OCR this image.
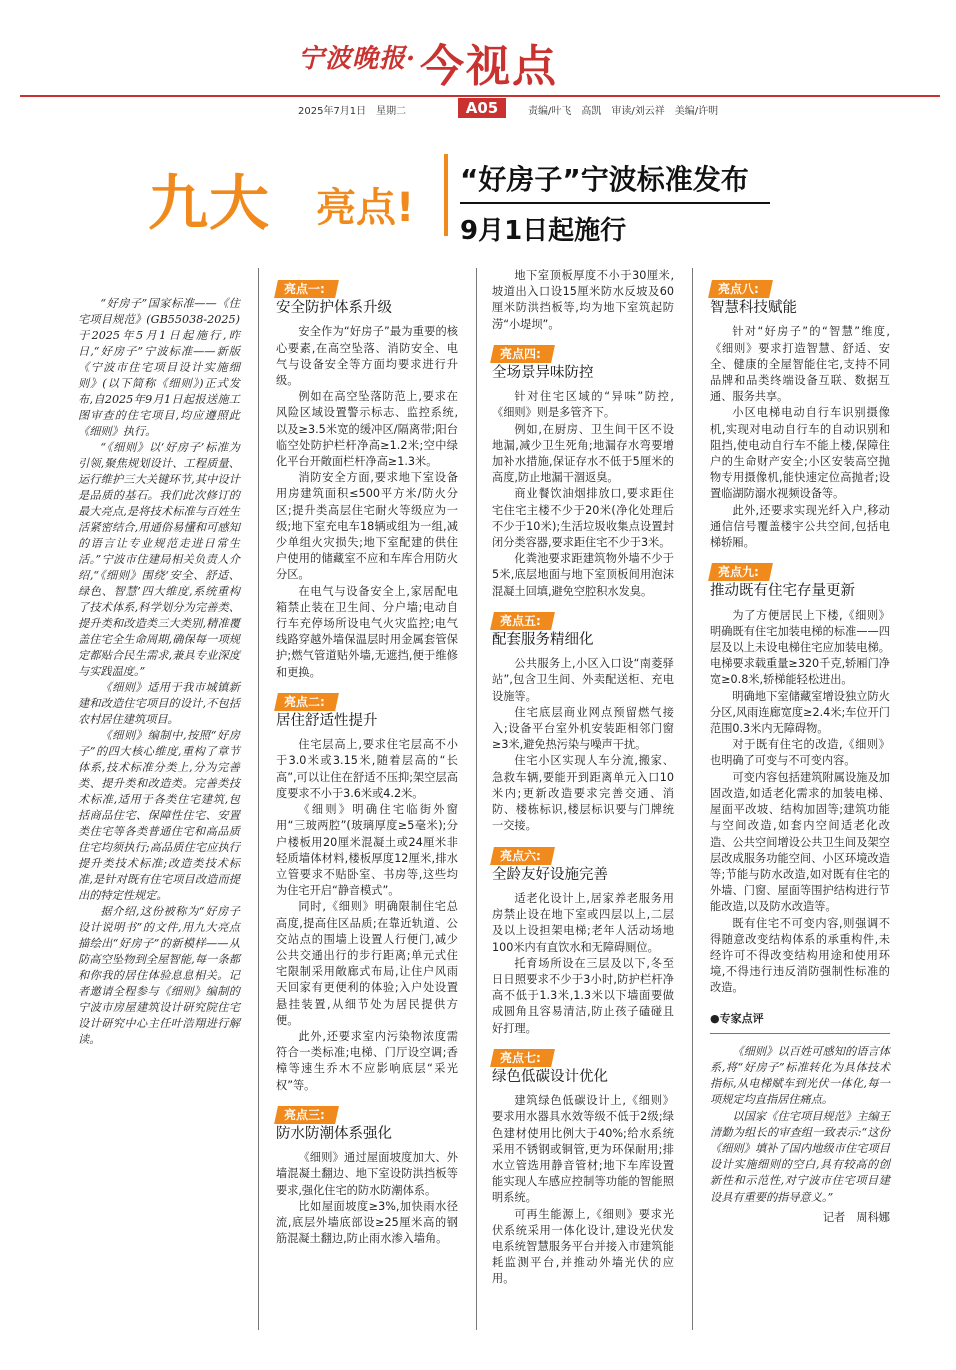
宁波晚报· 今视点
2025年7月1日　星期二	A05	责编/叶飞　高凯　审读/刘云祥　美编/许明
九大 亮点!
“好房子”宁波标准发布
9月1日起施行

“好房子”国家标准——《住宅项目规范》(GB55038-2025)于2025年5月1日起施行,昨日,“好房子”宁波标准——新版《宁波市住宅项目设计实施细则》(以下简称《细则》)正式发布,自2025年9月1日起报送施工图审查的住宅项目,均应遵照此《细则》执行。

“《细则》以‘好房子’标准为引领,聚焦规划设计、工程质量、运行维护三大关键环节,其中设计是品质的基石。我们此次修订的最大亮点,是将技术标准与百姓生活紧密结合,用通俗易懂和可感知的语言让专业规范走进日常生活。”宁波市住建局相关负责人介绍,“《细则》围绕‘安全、舒适、绿色、智慧’四大维度,系统重构了技术体系,科学划分为完善类、提升类和改造类三大类别,精准覆盖住宅全生命周期,确保每一项规定都贴合民生需求,兼具专业深度与实践温度。”

《细则》适用于我市城镇新建和改造住宅项目的设计,不包括农村居住建筑项目。

《细则》编制中,按照“好房子”的四大核心维度,重构了章节体系,技术标准分类上,分为完善类、提升类和改造类。完善类技术标准,适用于各类住宅建筑,包括商品住宅、保障性住宅、安置类住宅等各类普通住宅和高品质住宅均须执行;高品质住宅应执行提升类技术标准;改造类技术标准,是针对既有住宅项目改造而提出的特定性规定。

据介绍,这份被称为“好房子设计说明书”的文件,用九大亮点描绘出“好房子”的新模样——从防高空坠物到全屋智能,每一条都和你我的居住体验息息相关。记者邀请全程参与《细则》编制的宁波市房屋建筑设计研究院住宅设计研究中心主任叶浩翔进行解读。

亮点一:
安全防护体系升级

安全作为“好房子”最为重要的核心要素,在高空坠落、消防安全、电气与设备安全等方面均要求进行升级。

例如在高空坠落防范上,要求在风险区域设置警示标志、监控系统,以及≥3.5米宽的缓冲区/隔离带;阳台临空处防护栏杆净高≥1.2米;空中绿化平台开敞面栏杆净高≥1.3米。

消防安全方面,要求地下室设备用房建筑面积≤500平方米/防火分区;提升类高层住宅耐火等级应为一级;地下室充电车18辆或组为一组,减少单组火灾损失;地下室配建的供住户使用的储藏室不应和车库合用防火分区。

在电气与设备安全上,家居配电箱禁止装在卫生间、分户墙;电动自行车充停场所设电气火灾监控;电气线路穿越外墙保温层时用金属套管保护;燃气管道贴外墙,无遮挡,便于维修和更换。

亮点二:
居住舒适性提升

住宅层高上,要求住宅层高不小于3.0米或3.15米,随着层高的“长高”,可以让住在舒适不压抑;架空层高度要求不小于3.6米或4.2米。

《细则》明确住宅临街外窗用“三玻两腔”(玻璃厚度≥5毫米);分户楼板用20厘米混凝土或24厘米非轻质墙体材料,楼板厚度12厘米,排水立管要求不贴卧室、书房等,这些均为住宅开启“静音模式”。

同时,《细则》明确限制住宅总高度,提高住区品质;在靠近轨道、公交站点的围墙上设置人行便门,减少公共交通出行的步行距离;单元式住宅限制采用敞廊式布局,让住户风雨天回家有更便利的体验;入户处设置悬挂装置,从细节处为居民提供方便。

此外,还要求室内污染物浓度需符合一类标准;电梯、门厅设空调;香樟等速生乔木不应影响底层“采光权”等。

亮点三:
防水防潮体系强化

《细则》通过屋面坡度加大、外墙混凝土翻边、地下室设防洪挡板等要求,强化住宅的防水防潮体系。

比如屋面坡度≥3%,加快雨水径流,底层外墙底部设≥25厘米高的钢筋混凝土翻边,防止雨水渗入墙角。

地下室顶板厚度不小于30厘米,坡道出入口设15厘米防水反坡及60厘米防洪挡板等,均为地下室筑起防涝“小堤坝”。

亮点四:
全场景异味防控

针对住宅区域的“异味”防控,《细则》则是多管齐下。

例如,在厨房、卫生间干区不设地漏,减少卫生死角;地漏存水弯要增加补水措施,保证存水不低于5厘米的高度,防止地漏干涸返臭。

商业餐饮油烟排放口,要求距住宅住宅主楼不少于20米(净化处理后不少于10米);生活垃圾收集点设置封闭分类容器,要求距住宅不少于3米。

化粪池要求距建筑物外墙不少于5米,底层地面与地下室顶板间用泡沫混凝土回填,避免空腔积水发臭。

亮点五:
配套服务精细化

公共服务上,小区入口设“南菱驿站”,包含卫生间、外卖配送柜、充电设施等。

住宅底层商业网点预留燃气接入;设备平台室外机安装距相邻门窗≥3米,避免热污染与噪声干扰。

住宅小区实现人车分流,搬家、急救车辆,要能开到距离单元入口10米内;更新改造要求完善交通、消防、楼栋标识,楼层标识要与门牌统一交接。

亮点六:
全龄友好设施完善

适老化设计上,居家养老服务用房禁止设在地下室或四层以上,二层及以上设担架电梯;老年人活动场地100米内有直饮水和无障碍厕位。

托育场所设在三层及以下,冬至日日照要求不少于3小时,防护栏杆净高不低于1.3米,1.3米以下墙面要做成圆角且容易清洁,防止孩子磕碰且好打理。

亮点七:
绿色低碳设计优化

建筑绿色低碳设计上,《细则》要求用水器具水效等级不低于2级;绿色建材使用比例大于40%;给水系统采用不锈钢或铜管,更为环保耐用;排水立管选用静音管材;地下车库设置能实现人车感应控制等功能的智能照明系统。

可再生能源上,《细则》要求光伏系统采用一体化设计,建设光伏发电系统智慧服务平台并接入市建筑能耗监测平台,并推动外墙光伏的应用。

亮点八:
智慧科技赋能

针对“好房子”的“智慧”维度,《细则》要求打造智慧、舒适、安全、健康的全屋智能住宅,支持不同品牌和品类终端设备互联、数据互通、服务共享。

小区电梯电动自行车识别摄像机,实现对电动自行车的自动识别和阻挡,使电动自行车不能上楼,保障住户的生命财产安全;小区安装高空抛物专用摄像机,能快速定位高抛者;设置临湖防溺水视频设备等。

此外,还要求实现光纤入户,移动通信信号覆盖楼宇公共空间,包括电梯轿厢。

亮点九:
推动既有住宅存量更新

为了方便居民上下楼,《细则》明确既有住宅加装电梯的标准——四层及以上未设电梯住宅应加装电梯。电梯要求载重量≥320千克,轿厢门净宽≥0.8米,轿梯能轻松进出。

明确地下室储藏室增设独立防火分区,风雨连廊宽度≥2.4米;车位开门范围0.3米内无障碍物。

对于既有住宅的改造,《细则》也明确了可变与不可变内容。

可变内容包括建筑附属设施及加固改造,如适老化需求的加装电梯、屋面平改坡、结构加固等;建筑功能与空间改造,如套内空间适老化改造、公共空间增设公共卫生间及架空层改成服务功能空间、小区环境改造等;节能与防水改造,如对既有住宅的外墙、门窗、屋面等围护结构进行节能改造,以及防水改造等。

既有住宅不可变内容,则强调不得随意改变结构体系的承重构件,未经许可不得改变结构用途和使用环境,不得违行违反消防强制性标准的改造。

●专家点评

《细则》以百姓可感知的语言体系,将“好房子”标准转化为具体技术指标,从电梯赋车到光伏一体化,每一项规定均直指居住痛点。

以国家《住宅项目规范》主编王清勤为组长的审查组一致表示:“这份《细则》填补了国内地级市住宅项目设计实施细则的空白,具有较高的创新性和示范性,对宁波市住宅项目建设具有重要的指导意义。”

记者　周科娜
